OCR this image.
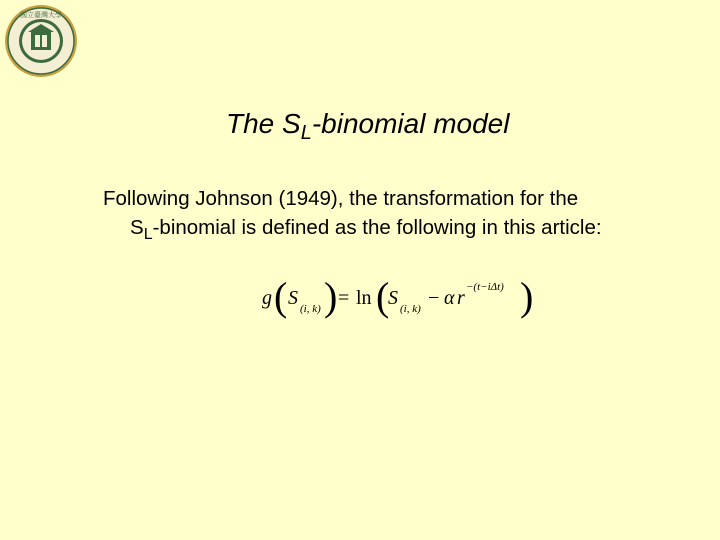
國立臺灣大學
The $S_L$-binomial model
Following Johnson (1949), the transformation for the
$S_L$-binomial is defined as the following in this article:
g ( S (i, k) ) = ln (
S (i, k) − α r −(t−iΔt) )
